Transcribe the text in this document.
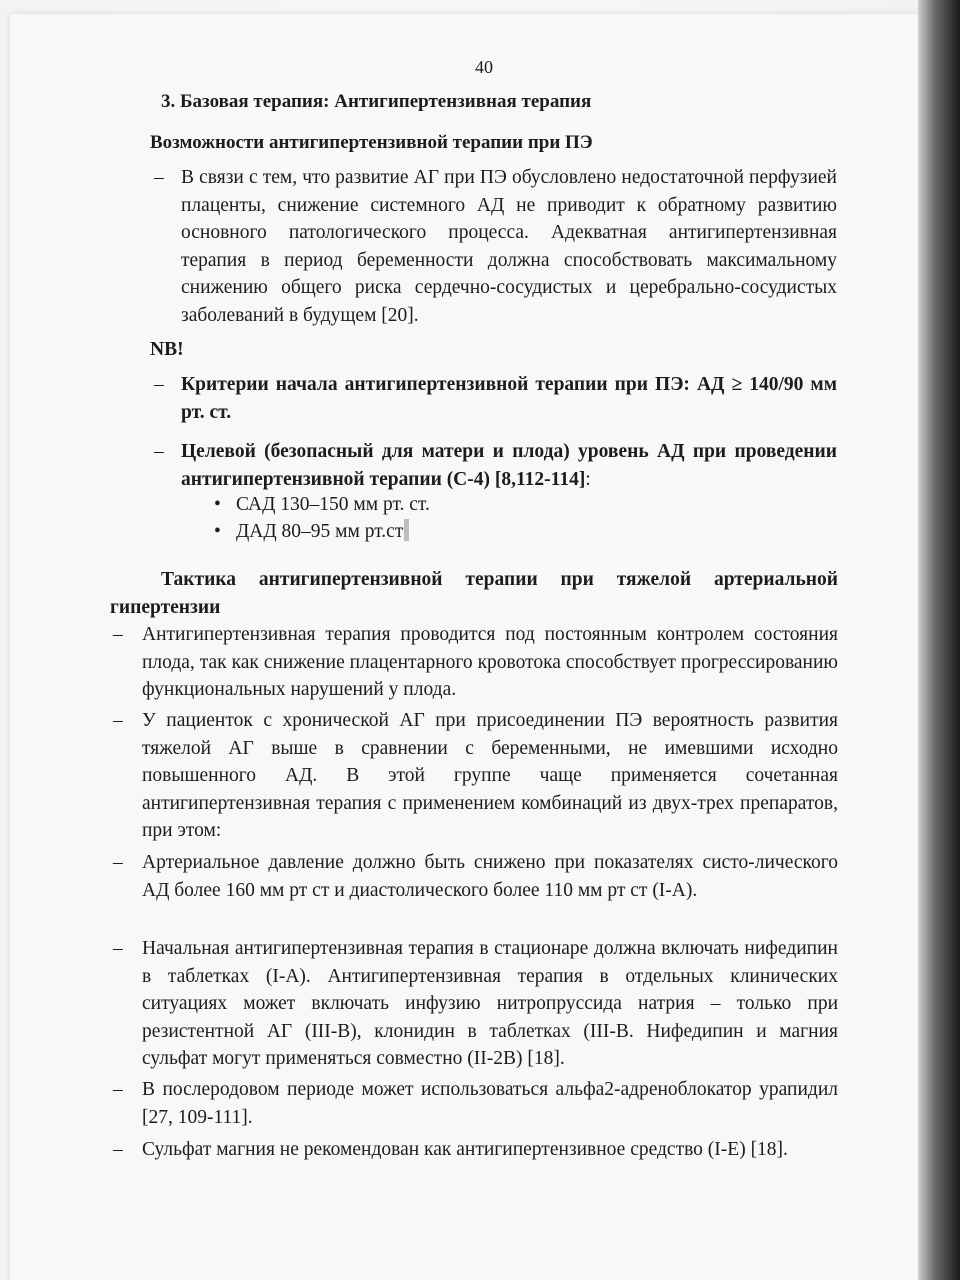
40
3. Базовая терапия: Антигипертензивная терапия
Возможности антигипертензивной терапии при ПЭ
– В связи с тем, что развитие АГ при ПЭ обусловлено недостаточной перфузией плаценты, снижение системного АД не приводит к обратному развитию основного патологического процесса. Адекватная антигипертензивная терапия в период беременности должна способствовать максимальному снижению общего риска сердечно-сосудистых и церебрально-сосудистых заболеваний в будущем [20].
NB!
– Критерии начала антигипертензивной терапии при ПЭ: АД ≥ 140/90 мм рт. ст.
– Целевой (безопасный для матери и плода) уровень АД при проведении антигипертензивной терапии (С-4) [8,112-114]:
• САД 130–150 мм рт. ст.
• ДАД 80–95 мм рт.ст
Тактика антигипертензивной терапии при тяжелой артериальной гипертензии
– Антигипертензивная терапия проводится под постоянным контролем состояния плода, так как снижение плацентарного кровотока способствует прогрессированию функциональных нарушений у плода.
– У пациенток с хронической АГ при присоединении ПЭ вероятность развития тяжелой АГ выше в сравнении с беременными, не имевшими исходно повышенного АД. В этой группе чаще применяется сочетанная антигипертензивная терапия с применением комбинаций из двух-трех препаратов, при этом:
– Артериальное давление должно быть снижено при показателях систо-лического АД более 160 мм рт ст и диастолического более 110 мм рт ст (I-А).
– Начальная антигипертензивная терапия в стационаре должна включать нифедипин в таблетках (I-А). Антигипертензивная терапия в отдельных клинических ситуациях может включать инфузию нитропруссида натрия – только при резистентной АГ (III-В), клонидин в таблетках (III-В. Нифедипин и магния сульфат могут применяться совместно (II-2В) [18].
– В послеродовом периоде может использоваться альфа2-адреноблокатор урапидил [27, 109-111].
– Сульфат магния не рекомендован как антигипертензивное средство (I-Е) [18].
